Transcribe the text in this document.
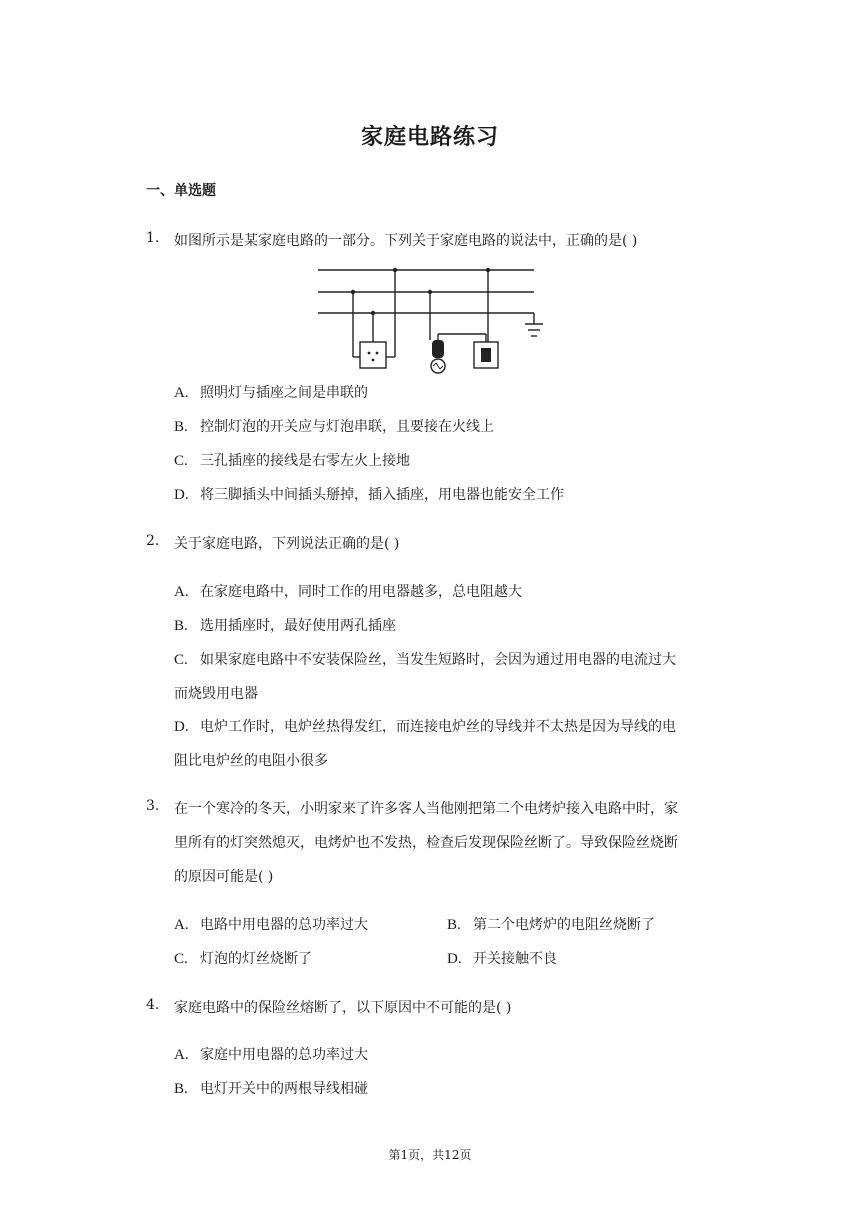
家庭电路练习
一、单选题
1. 如图所示是某家庭电路的一部分。下列关于家庭电路的说法中，正确的是( )
A. 照明灯与插座之间是串联的
B. 控制灯泡的开关应与灯泡串联，且要接在火线上
C. 三孔插座的接线是右零左火上接地
D. 将三脚插头中间插头掰掉，插入插座，用电器也能安全工作
2. 关于家庭电路，下列说法正确的是( )
A. 在家庭电路中，同时工作的用电器越多，总电阻越大
B. 选用插座时，最好使用两孔插座
C. 如果家庭电路中不安装保险丝，当发生短路时，会因为通过用电器的电流过大
而烧毁用电器
D. 电炉工作时，电炉丝热得发红，而连接电炉丝的导线并不太热是因为导线的电
阻比电炉丝的电阻小很多
3. 在一个寒冷的冬天，小明家来了许多客人当他刚把第二个电烤炉接入电路中时，家
里所有的灯突然熄灭，电烤炉也不发热，检查后发现保险丝断了。导致保险丝烧断
的原因可能是( )
A. 电路中用电器的总功率过大	B. 第二个电烤炉的电阻丝烧断了
C. 灯泡的灯丝烧断了	D. 开关接触不良
4. 家庭电路中的保险丝熔断了，以下原因中不可能的是( )
A. 家庭中用电器的总功率过大
B. 电灯开关中的两根导线相碰
第1页，共12页
